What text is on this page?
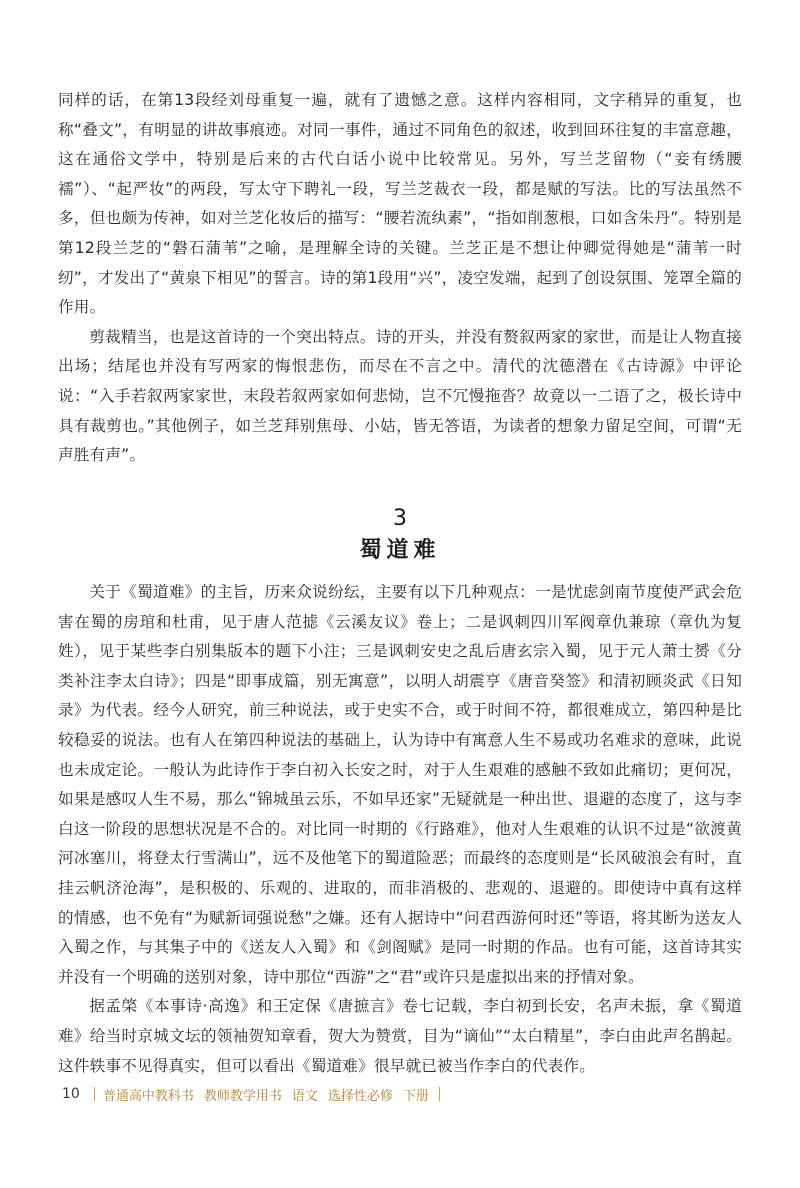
同样的话，在第13段经刘母重复一遍，就有了遗憾之意。这样内容相同，文字稍异的重复，也称“叠文”，有明显的讲故事痕迹。对同一事件，通过不同角色的叙述，收到回环往复的丰富意趣，这在通俗文学中，特别是后来的古代白话小说中比较常见。另外，写兰芝留物（“妾有绣腰襦”）、“起严妆”的两段，写太守下聘礼一段，写兰芝裁衣一段，都是赋的写法。比的写法虽然不多，但也颇为传神，如对兰芝化妆后的描写：“腰若流纨素”，“指如削葱根，口如含朱丹”。特别是第12段兰芝的“磐石蒲苇”之喻，是理解全诗的关键。兰芝正是不想让仲卿觉得她是“蒲苇一时纫”，才发出了“黄泉下相见”的誓言。诗的第1段用“兴”，凌空发端，起到了创设氛围、笼罩全篇的作用。

剪裁精当，也是这首诗的一个突出特点。诗的开头，并没有赘叙两家的家世，而是让人物直接出场；结尾也并没有写两家的悔恨悲伤，而尽在不言之中。清代的沈德潜在《古诗源》中评论说：“入手若叙两家家世，末段若叙两家如何悲恸，岂不冗慢拖沓？故竟以一二语了之，极长诗中具有裁剪也。”其他例子，如兰芝拜别焦母、小姑，皆无答语，为读者的想象力留足空间，可谓“无声胜有声”。

3
蜀道难

关于《蜀道难》的主旨，历来众说纷纭，主要有以下几种观点：一是忧虑剑南节度使严武会危害在蜀的房琯和杜甫，见于唐人范摅《云溪友议》卷上；二是讽刺四川军阀章仇兼琼（章仇为复姓），见于某些李白别集版本的题下小注；三是讽刺安史之乱后唐玄宗入蜀，见于元人萧士赟《分类补注李太白诗》；四是“即事成篇，别无寓意”，以明人胡震亨《唐音癸签》和清初顾炎武《日知录》为代表。经今人研究，前三种说法，或于史实不合，或于时间不符，都很难成立，第四种是比较稳妥的说法。也有人在第四种说法的基础上，认为诗中有寓意人生不易或功名难求的意味，此说也未成定论。一般认为此诗作于李白初入长安之时，对于人生艰难的感触不致如此痛切；更何况，如果是感叹人生不易，那么“锦城虽云乐，不如早还家”无疑就是一种出世、退避的态度了，这与李白这一阶段的思想状况是不合的。对比同一时期的《行路难》，他对人生艰难的认识不过是“欲渡黄河冰塞川，将登太行雪满山”，远不及他笔下的蜀道险恶；而最终的态度则是“长风破浪会有时，直挂云帆济沧海”，是积极的、乐观的、进取的，而非消极的、悲观的、退避的。即使诗中真有这样的情感，也不免有“为赋新词强说愁”之嫌。还有人据诗中“问君西游何时还”等语，将其断为送友人入蜀之作，与其集子中的《送友人入蜀》和《剑阁赋》是同一时期的作品。也有可能，这首诗其实并没有一个明确的送别对象，诗中那位“西游”之“君”或许只是虚拟出来的抒情对象。

据孟棨《本事诗·高逸》和王定保《唐摭言》卷七记载，李白初到长安，名声未振，拿《蜀道难》给当时京城文坛的领袖贺知章看，贺大为赞赏，目为“谪仙”“太白精星”，李白由此声名鹊起。这件轶事不见得真实，但可以看出《蜀道难》很早就已被当作李白的代表作。

10 普通高中教科书 教师教学用书 语文 选择性必修 下册
